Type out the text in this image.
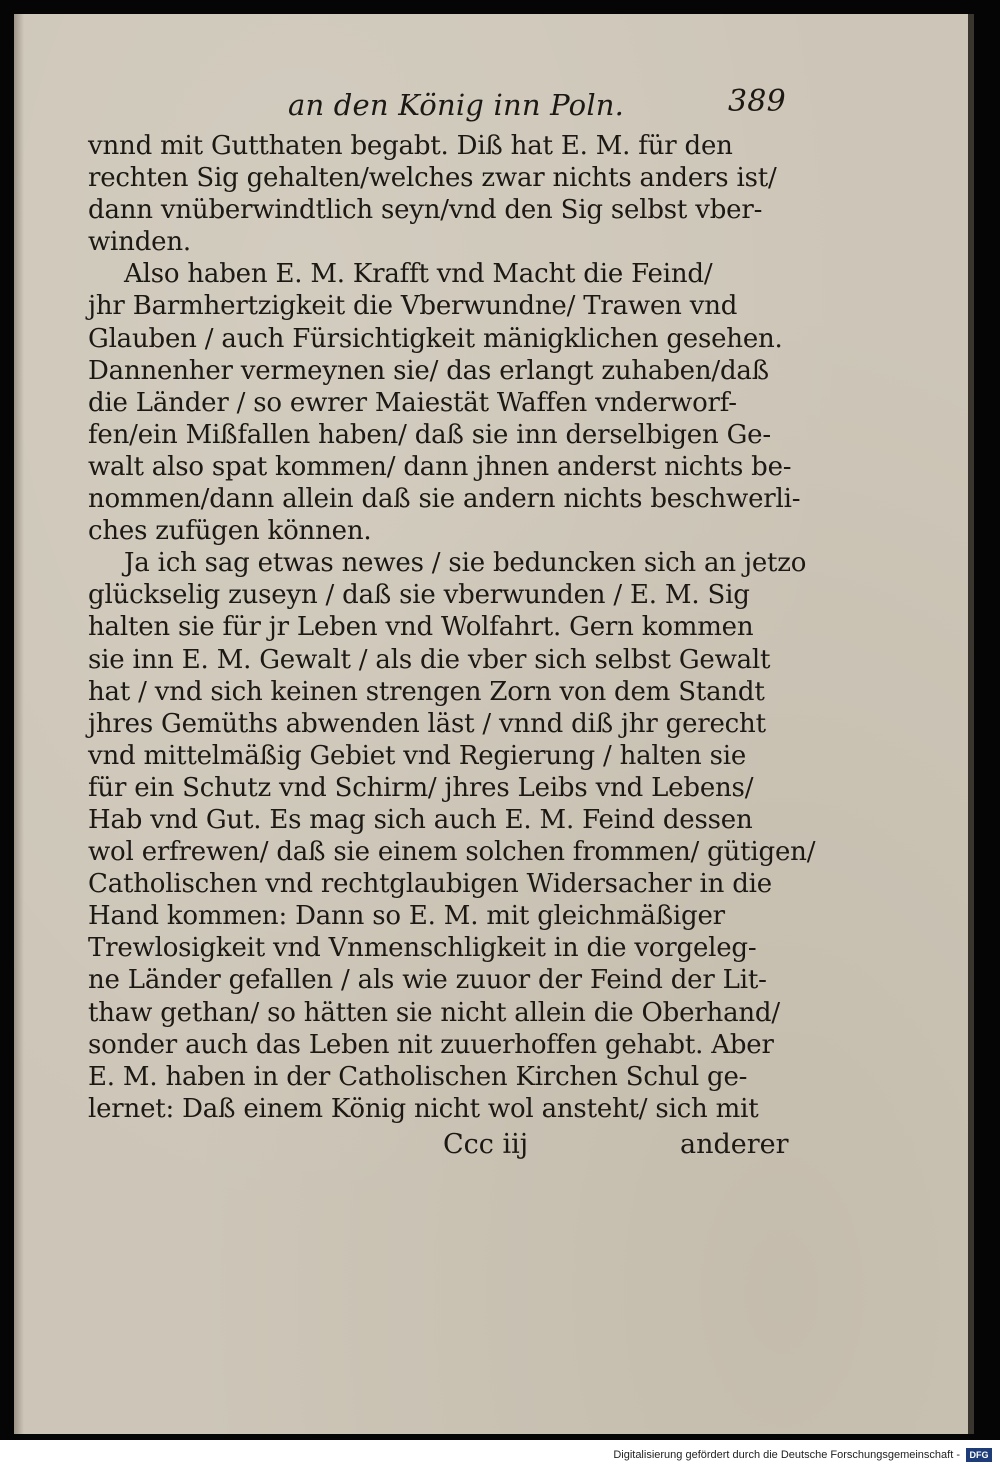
an den König inn Poln.	389
vnnd mit Gutthaten begabt. Diß hat E. M. für den
rechten Sig gehalten/welches zwar nichts anders ist/
dann vnüberwindtlich seyn/vnd den Sig selbst vber-
winden.
Also haben E. M. Krafft vnd Macht die Feind/
jhr Barmhertzigkeit die Vberwundne/ Trawen vnd
Glauben / auch Fürsichtigkeit mänigklichen gesehen.
Dannenher vermeynen sie/ das erlangt zuhaben/daß
die Länder / so ewrer Maiestät Waffen vnderworf-
fen/ein Mißfallen haben/ daß sie inn derselbigen Ge-
walt also spat kommen/ dann jhnen anderst nichts be-
nommen/dann allein daß sie andern nichts beschwerli-
ches zufügen können.
Ja ich sag etwas newes / sie beduncken sich an jetzo
glückselig zuseyn / daß sie vberwunden / E. M. Sig
halten sie für jr Leben vnd Wolfahrt. Gern kommen
sie inn E. M. Gewalt / als die vber sich selbst Gewalt
hat / vnd sich keinen strengen Zorn von dem Standt
jhres Gemüths abwenden läst / vnnd diß jhr gerecht
vnd mittelmäßig Gebiet vnd Regierung / halten sie
für ein Schutz vnd Schirm/ jhres Leibs vnd Lebens/
Hab vnd Gut. Es mag sich auch E. M. Feind dessen
wol erfrewen/ daß sie einem solchen frommen/ gütigen/
Catholischen vnd rechtglaubigen Widersacher in die
Hand kommen: Dann so E. M. mit gleichmäßiger
Trewlosigkeit vnd Vnmenschligkeit in die vorgeleg-
ne Länder gefallen / als wie zuuor der Feind der Lit-
thaw gethan/ so hätten sie nicht allein die Oberhand/
sonder auch das Leben nit zuuerhoffen gehabt. Aber
E. M. haben in der Catholischen Kirchen Schul ge-
lernet: Daß einem König nicht wol ansteht/ sich mit
Ccc iij	anderer
Digitalisierung gefördert durch die Deutsche Forschungsgemeinschaft -	DFG
